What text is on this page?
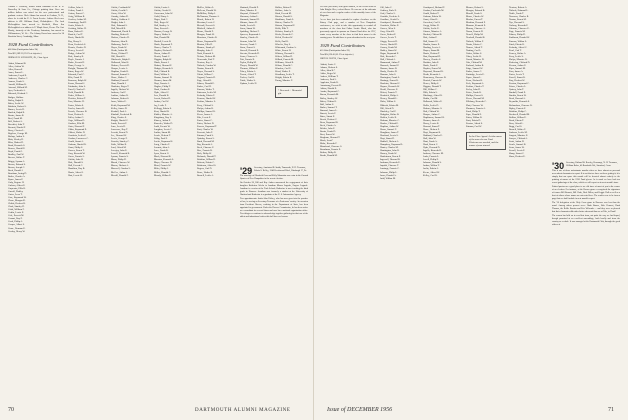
Thomas F. Donnelly, former board chairman of the R. R. Donnelley & Sons Co., Chicago printing firm. Over one million dollars was raised for the new professional and graduate centers. Herb Adams has moved to Gorham, N. H., where he is with the U. S. Forest Service. Adrian Allen's new address is 491 Williams Road, Philadelphia.... The Jack McLaughlins have moved to Sheffield, Mass. Jim McLaughlin's new address is 37 Maple Street, Keene. The Curt Moody, formerly of the Treadway Saturnism, has moved to Williamstown, W. Va.... The Johnny Rosss have moved to 36 Bowdoin Street, Cambridge, Mass.

1928 Fund Contributors
408 Gifts (Participation Index 94)
Total $33,189.32 (59.1% of objective)
HERMAN H. SCHWARTZ, JR., Class Agent
Abbot, Edmund B.
Allen, Adrian W.
Allen, Roswell
Ames, Ernest L.
Anderson, Loyal R.
Andrews, Charles C.
Anness, Frank S.
Arnold, William R.
Atwood, Willard M.
Ayer, Frederick A.
Babcock, Richard C.
Badger, Wallace
Bailey, Ralph E.
Baker, Leslie W.
Baldwin, Robert S.
Barnes, Lewis H.
Bartlett, Ralph R.
Baxter, James R.
Beal, Frank M.
Bell, Robert A.
Benedict, John T.
Bennett, Harold F.
Berry, Chester L.
Bigelow, George M.
Bishop, Arthur L.
Blair, Wesley H.
Bliss, Hubert D.
Bond, Kenneth S.
Bowen, Harold E.
Boyd, Frank G.
Bradley, Paul W.
Brewer, Walter T.
Briggs, Lyman A.
Brown, Edward S.
Brown, Joseph C.
Buck, Harold J.
Burnham, Irving D.
Butler, Charles A.
Byrne, James P.
Cady, Eugene H.
Carlson, Albert E.
Carpenter, Ellis R.
Carroll, Dudley
Carter, Leon T.
Case, Raymond W.
Chase, Morgan K.
Childs, Herbert B.
Clark, Stanley D.
Cobb, William F.
Coffin, Lewis E.
Cole, Everett M.
Conant, Roy P.
Cook, Philip A.
Cooper, Albert S.
Crane, Norman E.
Crosby, Henry W.
Collins, John A.
Colton, Frank J.
Cotton, Ernest C.
Craig, William R.
Crocker, Arthur M.
Cummings, Paul H.
Curtis, Edwin L.
Cushing, Walter H.
Dana, Robert E.
Daniels, Carl T.
Davis, Harold B.
Day, Henry L.
Dean, Frederick S.
Dennis, Charles N.
Dewey, Lewis P.
Dodge, Arthur W.
Dole, Stanley R.
Doyle, Francis J.
Drake, Everett H.
Dunn, George A.
Dwight, Thomas M.
Eaton, Roger W.
Edwards, Paul C.
Ellis, Frank D.
Emerson, Ralph W.
Evans, Howard J.
Fairbanks, John L.
Farrell, Charles E.
Field, Donald B.
Fisher, Wilbur A.
Fletcher, Robert T.
Foss, Maurice H.
Foster, Edwin S.
Fowler, James K.
French, Clarence B.
Frost, Herbert L.
Fuller, Arthur G.
Gage, William D.
Gardner, Ellis M.
Gates, Howard F.
Gibbs, Raymond E.
Gilbert, Walter N.
Goodwin, Leslie P.
Gordon, Lawrence C.
Gould, Stuart A.
Graham, Harold R.
Grant, Philip S.
Graves, Ernest T.
Gray, Kenneth W.
Green, Francis L.
Griffin, John H.
Hale, Donald S.
Hall, Everett C.
Hamilton, Roy B.
Harris, Alfred J.
Hart, Lewis W.
Griffis, Cortlandt W.
Griffis, Gerald G.
Gross, Allen W.
Grundy, Arthur D.
Hadley, Cuthbert C.
Haight, John J.
Hale, Edmund S.
Hall, Merrill B.
Hammond, David E.
Harding, Robert E.
Harlow, Charles H.
Harrison, John B.
Hathaway, Paul L.
Hayes, Frank W.
Heath, Arthur M.
Henry, Clifford T.
Hill, Harold O.
Hitchcock, Ralph E.
Holbrook, Ward S.
Holmes, Everett D.
Hooper, Lewis A.
Hopkins, Frank R.
Howard, Samuel L.
Howe, Walter C.
Hubbard, Ernest P.
Hunt, Donald J.
Hutchins, Roger T.
Ingalls, Herbert W.
Jackson, Carl F.
Jenkins, Arthur R.
Johnson, Robert S.
Jones, Walter E.
Keith, Raymond M.
Kelley, James D.
Kendall, Paul A.
Kimball, Frederick B.
King, Charles S.
Knight, Harold C.
Lamb, Everett F.
Lane, Lewis H.
Lawrence, Roy T.
Leavitt, Ernest D.
Lee, Howard W.
Lewis, George P.
Lincoln, Stanley C.
Little, Wilbur R.
Lord, Alfred M.
Lovejoy, John E.
Lowell, Kenneth B.
Lyman, Francis S.
Mann, Philip D.
Marsh, Clarence W.
Mason, Herbert A.
Maxwell, Gordon L.
McGee, Arthur J.
Merrill, Donald F.
Griffis, Louis A.
Griffin, Gerald G.
Grosvenor, John W.
Guild, Harry A.
Hager, Paul C.
Hale, Roger W.
Hall, Stanley A.
Ham, Everett L.
Hanson, George R.
Harper, Walter S.
Hart, Donald M.
Haskell, Lewis B.
Hatch, Raymond F.
Hawes, Charles T.
Hayden, Herbert E.
Hazen, Arthur D.
Hewitt, Frank C.
Higgins, Ralph W.
Hinds, Ernest J.
Hobart, Howard P.
Hodges, Kenneth S.
Holt, Clifford R.
Hood, Wilbur L.
Horton, Samuel D.
Hosmer, James M.
Hoyt, Francis A.
Hughes, Philip T.
Hurd, Gordon E.
Hyde, Alfred C.
Ives, Donald R.
Jewett, Robert H.
Jordan, Carl W.
Joy, Leslie F.
Kellogg, Edwin S.
Kent, Harold B.
Kidder, Maurice A.
Kingsbury, Roy L.
Kinney, Arthur P.
Knowles, Walter D.
Ladd, Everett W.
Langdon, Lewis C.
Larkin, Stuart M.
Leach, Herbert T.
Libby, Paul E.
Locke, Raymond S.
Long, Charles F.
Loomis, John A.
Luce, Frank B.
Lyon, Ernest G.
Mack, Howard R.
Marston, Kenneth L.
Mayo, Clarence D.
Mead, Francis W.
Miles, Philip J.
Miller, Donald C.
Moody, Wilbur E.
McKee, Walter L.
McLean, Donald W.
McMillan, Philip J.
McNamara, Thomas A.
Meade, Robert H.
Merriam, Lewis C.
Metcalf, Everett S.
Mitchell, Arthur E.
Moore, Harold F.
Morgan, Frank W.
Morrison, Charles R.
Morse, Raymond B.
Morton, Ellis D.
Munroe, Stanley P.
Murphy, John C.
Nash, Kenneth L.
Nelson, Herbert M.
Newcomb, Paul T.
Newton, Roy A.
Nichols, Gordon W.
Norton, Ernest B.
Noyes, Howard S.
Olcott, Wilbur C.
Osgood, Francis D.
Page, Alfred R.
Palmer, Donald E.
Parker, Carl H.
Parsons, Walter T.
Patterson, Leslie M.
Peabody, Edwin F.
Pearson, Harold W.
Perkins, Maurice L.
Perry, Clifford S.
Phelps, Arthur B.
Phillips, Samuel R.
Pierce, James A.
Pike, Lewis E.
Porter, Stuart C.
Potter, Herbert D.
Powers, Raymond T.
Pratt, Charles W.
Prescott, John F.
Putnam, Frank S.
Quimby, Ernest L.
Rand, Howard M.
Ray, Kenneth A.
Reed, Clarence P.
Rice, Francis B.
Rich, Philip W.
Richards, Donald T.
Robbins, Wilbur H.
Roberts, Edwin C.
Robinson, Alfred S.
Rogers, Carl D.
Rowe, Walter R.
Russell, Leslie A.
Shattuck, Harold P.
Shaw, Maurice E.
Shepard, Clifford T.
Sherman, Arthur L.
Simonds, Samuel H.
Skinner, James D.
Smith, Lewis R.
Snow, Stuart W.
Spalding, Herbert F.
Spencer, Raymond A.
Stanley, Charles B.
Stearns, John M.
Stevens, Frank C.
Stone, Ernest S.
Stowell, Howard E.
Streeter, Kenneth D.
Swan, Clarence L.
Taft, Francis R.
Taylor, Philip M.
Thayer, Donald W.
Thomas, Wilbur P.
Tobey, Edwin A.
Towne, Alfred T.
Tucker, Carl B.
Tuttle, Walter S.
Upham, Leslie H.
Walker, Robert F.
Wallace, John A.
Ward, Everett M.
Warren, Harold S.
Washburn, Frank L.
Waters, Charles D.
Watson, Raymond P.
Webb, Ellis T.
Webster, Stanley E.
Weeks, Kenneth C.
Welch, Herbert W.
Wells, Paul R.
Wheeler, Roy S.
Whitcomb, Gordon A.
White, Ernest H.
Whitney, Howard L.
Wilcox, Wilbur D.
Willard, Francis M.
Williams, Alfred B.
Wilson, Donald C.
Winslow, Carl E.
Wood, Walter P.
Woodbury, Leslie T.
Wright, Edwin R.
Young, Maurice F.
* Deceased. + Memorial gift
'29 Secretary, Armistead B. Smith, Tamworth, N. H. Treasurer, Edwin S. Kelley, 1246 Beechwood Blvd., Pittsburgh 17, Pa.

The marriage of Elizabeth Goss and Kelly Mountain was a star in the Ground Quarter of New Hampshire in the recent election.

On October 28, Bill and Kay Andres announced the engagement of their daughter Katherine Weeks to Jonathan Mason Lagarde, Eugene Lagarde. Jonathan is a senior at the Tuck School; Katherine is now teaching the third grade in Hanover. Jonathan was formerly a student at the University of Hartford and Katherine is a graduate of the U. S. Information Agency.

Two appointments: Justin John Dickey, who has now gone into the practice of law, is serving as Secretary-Treasurer of a Professors' society. An occasion from President Hoover, working in the Department of State, has been appointed to government. Under the Hoover Commission, he has been active as a consultant for several firms and now has a national organization office. Two things we continue to acknowledge together gathering for that one of the ablest and industrious leaders this hall has ever known.

We have just heard, with great sadness, of the recent death of John Knight Allen, a short illness. He was one of the stalwarts of our class and a regular reader of this monthly issue of the Magazine.

As we have just been reminded to replace elsewhere on the Rotary Club page, and a number of New Hampshire conferences, we wish to take this opportunity to remind all members of the class that Father Scottie Black, who has generously agreed to sponsor an Alumni Fund drive for 1957, wants every member of the class to find their names in the coming years. Do add these to your calendars for the next year.

1929 Fund Contributors
410 Gifts (Participation Index 95)
Total $34,120.45 (61.2% of objective)
JOHN W. HAYES, Class Agent
Abbott, Louis C.
Adams, Herbert S.
Allen, John K.*
Alden, Roger W.
Andres, William T.
Andrews, Paul L.
Appleton, Frank R.
Armstrong, Everett D.
Atkins, Harold E.
Austin, Raymond C.
Bacon, Kenneth M.
Bailey, Stanley W.
Baker, Clifford J.
Ball, Arthur S.
Barker, Samuel T.
Barnard, James L.
Barrett, Lewis F.
Bates, Stuart E.
Beach, Herbert C.
Bean, Raymond R.
Beck, Charles A.
Belden, John P.
Bemis, Frank D.
Bent, Ernest W.
Bingham, Howard T.
Black, Scott*
Blake, Kenneth F.
Blanchard, Clarence S.
Boardman, Francis E.
Bolton, Philip R.
Booth, Donald M.
Gill, John C.
Godfrey, Earle E.
Goff, Charles L.
Goodale, Frederic L.
Goodhue, Gerald A.
Goodspeed, Howard L.
Goodwin, Walter E.
Graves, Allen S.
Gray, Alfred B.
Green, Robert P.
Greene, Lewis T.
Griggs, Everett H.
Grover, Harold D.
Gurney, Frank M.
Hadley, Stuart W.
Hagar, Raymond E.
Hale, Kenneth C.
Hall, Clifford A.
Hammond, Arthur T.
Hancock, Samuel P.
Hanson, James R.
Hardy, Charles D.
Harmon, John S.
Harrington, Frank L.
Hastings, Ernest R.
Hawkins, Howard C.
Haynes, Kenneth W.
Heald, Clarence E.
Hebert, Francis T.
Hendrick, Philip A.
Hersey, Donald L.
Hicks, Wilbur S.
Hildreth, Edwin M.
Hill, Alfred D.
Hinckley, Carl P.
Hodgdon, Walter B.
Holden, Leslie R.
Holman, Maurice C.
Hooker, Clifford E.
Hopkins, Arthur W.
Horne, Samuel F.
Houghton, James T.
Howland, Lewis S.
Hoyt, Stuart D.
Hubbell, Herbert A.
Humphrey, Raymond L.
Hunter, Charles M.
Huntington, John R.
Hussey, Frank W.
Hutchinson, Ernest P.
Ingersoll, Howard B.
Jackman, Kenneth E.
Jaquith, Clarence T.
Jennings, Francis C.
Johnson, Philip L.
Jones, Donald A.
Judd, Wilbur M.
Goodspeed, Richard F.
Gordon, Frederick M.
Gould, Robert T.
Graham, Edwin W.
Grant, Alfred L.
Greenleaf, Carl S.
Gregg, Walter D.
Griffin, Leslie E.
Grimes, Maurice A.
Hackett, Clifford R.
Hale, Arthur P.
Hall, Samuel C.
Hamlin, James E.
Harding, Lewis A.
Harper, Stuart M.
Harris, Herbert T.
Hart, Raymond D.
Harvey, Charles S.
Haskins, John E.
Hatch, Frank P.
Hayden, Ernest M.
Hayward, Howard R.
Heath, Kenneth A.
Hemenway, Clarence B.
Herrick, Francis W.
Hewes, Philip S.
Higgins, Donald T.
Hill, Wilbur C.
Hills, Edwin L.
Hitchings, Alfred R.
Hobbs, Carl M.
Holbrook, Walter E.
Hollis, Leslie D.
Holmes, Maurice S.
Holt, Clifford W.
Hooper, Arthur C.
Hopkinson, Samuel B.
Hosmer, James L.
Hovey, Lewis R.
Howard, Stuart T.
Howe, Herbert P.
Hoyt, Raymond S.
Hubbard, Charles E.
Hull, John W.
Hunt, Frank A.
Hurd, Ernest C.
Hyde, Howard D.
Ingalls, Kenneth R.
Jackson, Clarence M.
Jenks, Francis L.
Jewell, Philip E.
Johnson, Donald S.
Jordan, Wilbur T.
Joslin, Edwin A.
Keene, Alfred W.
Kelley, Carl R.
Moores, Robert L.
Morgan, Edward B.
Morrill, Frank S.
Morse, Charles W.
Mosher, Ernest T.
Moulton, Howard P.
Munson, Kenneth E.
Murray, Clarence A.
Nason, Francis D.
Newell, Philip M.
Newhall, Donald R.
Nichols, Wilbur F.
Norris, Edwin C.
Nourse, Alfred T.
Nutting, Carl L.
Oakes, Walter S.
Olney, Leslie B.
Orcutt, Maurice D.
Otis, Clifford M.
Packard, Arthur R.
Paige, Samuel W.
Parker, James C.
Partridge, Lewis E.
Payne, Stuart L.
Pease, Herbert B.
Peck, Raymond A.
Perkins, Charles T.
Perley, John D.
Pettee, Frank R.
Phillips, Ernest S.
Pierce, Howard M.
Pillsbury, Kenneth C.
Platt, Clarence W.
Plummer, Francis A.
Pond, Philip T.
Pope, Donald E.
Potter, Wilbur R.
Pratt, Edwin D.
Proctor, Alfred S.
Putnam, Carl W.
In the Class Agents' list the names of the men who are Fund Chairmen are marked, and the names of men starred.
Newton, Robert A.
Nichols, Edmund L.
Noble, Frank T.
Norcross, Charles R.
Norton, Ernest M.
Nye, Howard S.
Ordway, Kenneth P.
Osborne, Clarence E.
Page, Francis M.
Palmer, Philip D.
Parkhurst, Donald W.
Parsons, Wilbur L.
Patch, Edwin R.
Peabody, Alfred C.
Pearl, Carl T.
Penney, Walter A.
Perry, Leslie S.
Phelps, Maurice R.
Pickering, Clifford D.
Pierson, Arthur E.
Piper, Samuel M.
Poor, James A.
Porter, Lewis T.
Powell, Stuart R.
Pray, Herbert W.
Preston, Raymond C.
Prince, Charles L.
Quincy, John T.
Randall, Frank E.
Rankin, Ernest W.
Read, Howard A.
Reynolds, Kenneth S.
Richardson, Clarence R.
Ripley, Francis P.
Robbins, Philip C.
Rockwell, Donald M.
Rollins, Wilbur E.
Rood, Edwin T.
Ross, Alfred L.
Rugg, Carl S.
Russell, Walter F.
Sanborn, Leslie M.
Sargent, Maurice E.
Sawyer, Clifford A.
Scott, Arthur D.
Searle, Samuel R.
Sears, James W.
Sewall, Lewis P.
Sharp, Stuart C.
Shaw, Herbert E.
'30 Secretary, Richard W. Rowley, Kearsarge, N. H. Treasurer, William Baker, 40 Brookside Rd., Stamford, Conn.

This is one of those unfortunate months when we have almost no personal news about classmates to report. It is not that we have not been getting it; it is simply that our space this month will be devoted almost entirely to the printing of names of the 1930 Fund givers. As is usual we have had two recent gatherings of the class, which we will report on in next month's issue.

Printed quotas are a good place to see old faces of most of you in the course of an election. For instance, at the Brown game a recognized the signatures of former Bill Bennett, Bill Clark, Dick Dillon, and Reggie Hall as well as a host of others whose names are not noted here. The results were to be from a page that we shall include in next month's report.

The '30 delegation at the Holy Cross game in Hanover was less than the usual. Among others present were: Hank Barnes, Bob Clement, Hank Thomas, the Rollie Brosius and Pete Wilcomb — and they were so pleased that their classmates did rather better afterward than we at Yale, to Hank!

The season has held on to excellent form, not quite the way we had hoped, though promised at an excellent assemblage, both locally and from the country as a whole. It was arranged at the Dartmouth Club, through the good offices of

70	DARTMOUTH ALUMNI MAGAZINE	Issue of DECEMBER 1956	71
